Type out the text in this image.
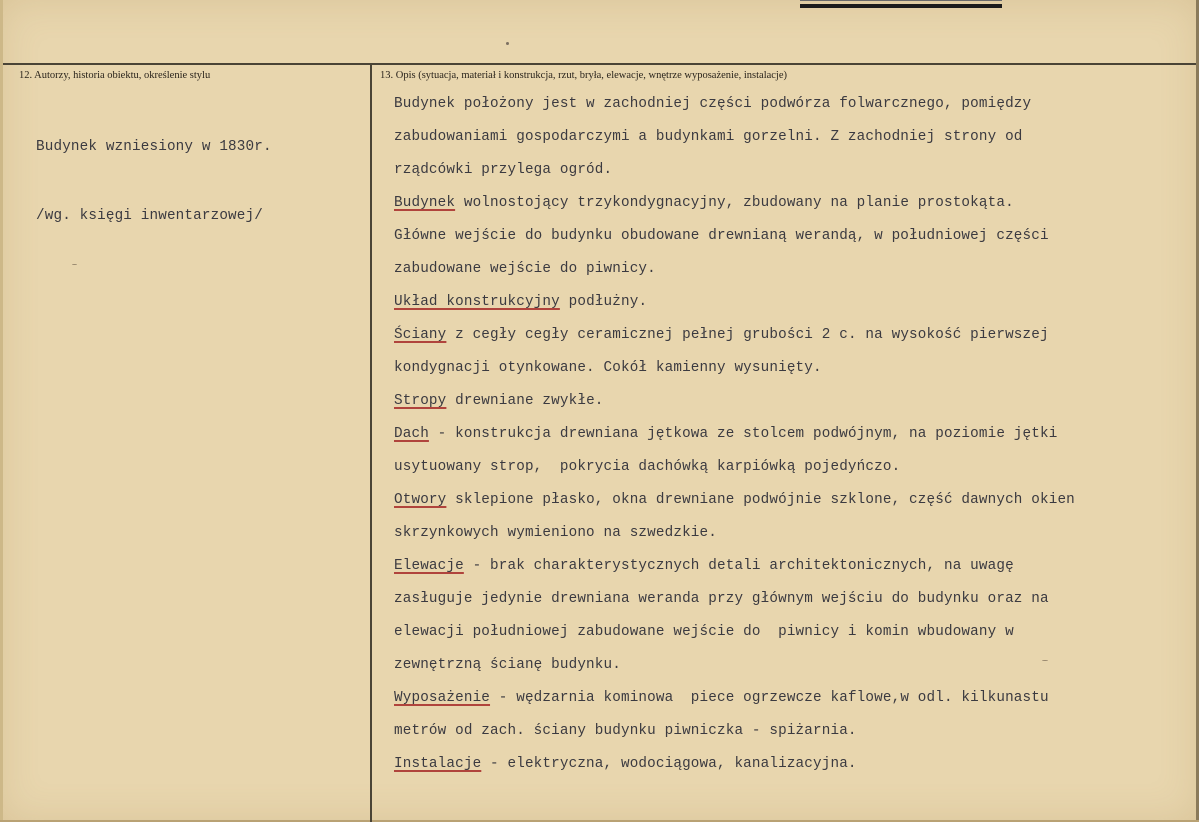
12. Autorzy, historia obiektu, określenie stylu	13. Opis (sytuacja, materiał i konstrukcja, rzut, bryła, elewacje, wnętrze wyposażenie, instalacje)

Budynek wzniesiony w 1830r.

/wg. księgi inwentarzowej/

Budynek położony jest w zachodniej części podwórza folwarcznego, pomiędzy
zabudowaniami gospodarczymi a budynkami gorzelni. Z zachodniej strony od
rządcówki przylega ogród.
Budynek wolnostojący trzykondygnacyjny, zbudowany na planie prostokąta.
Główne wejście do budynku obudowane drewnianą werandą, w południowej części
zabudowane wejście do piwnicy.
Układ konstrukcyjny podłużny.
Ściany z cegły cegły ceramicznej pełnej grubości 2 c. na wysokość pierwszej
kondygnacji otynkowane. Cokół kamienny wysunięty.
Stropy drewniane zwykłe.
Dach - konstrukcja drewniana jętkowa ze stolcem podwójnym, na poziomie jętki
usytuowany strop,  pokrycia dachówką karpiówką pojedyńczo.
Otwory sklepione płasko, okna drewniane podwójnie szklone, część dawnych okien
skrzynkowych wymieniono na szwedzkie.
Elewacje - brak charakterystycznych detali architektonicznych, na uwagę
zasługuje jedynie drewniana weranda przy głównym wejściu do budynku oraz na
elewacji południowej zabudowane wejście do  piwnicy i komin wbudowany w
zewnętrzną ścianę budynku.
Wyposażenie - wędzarnia kominowa  piece ogrzewcze kaflowe,w odl. kilkunastu
metrów od zach. ściany budynku piwniczka - spiżarnia.
Instalacje - elektryczna, wodociągowa, kanalizacyjna.
